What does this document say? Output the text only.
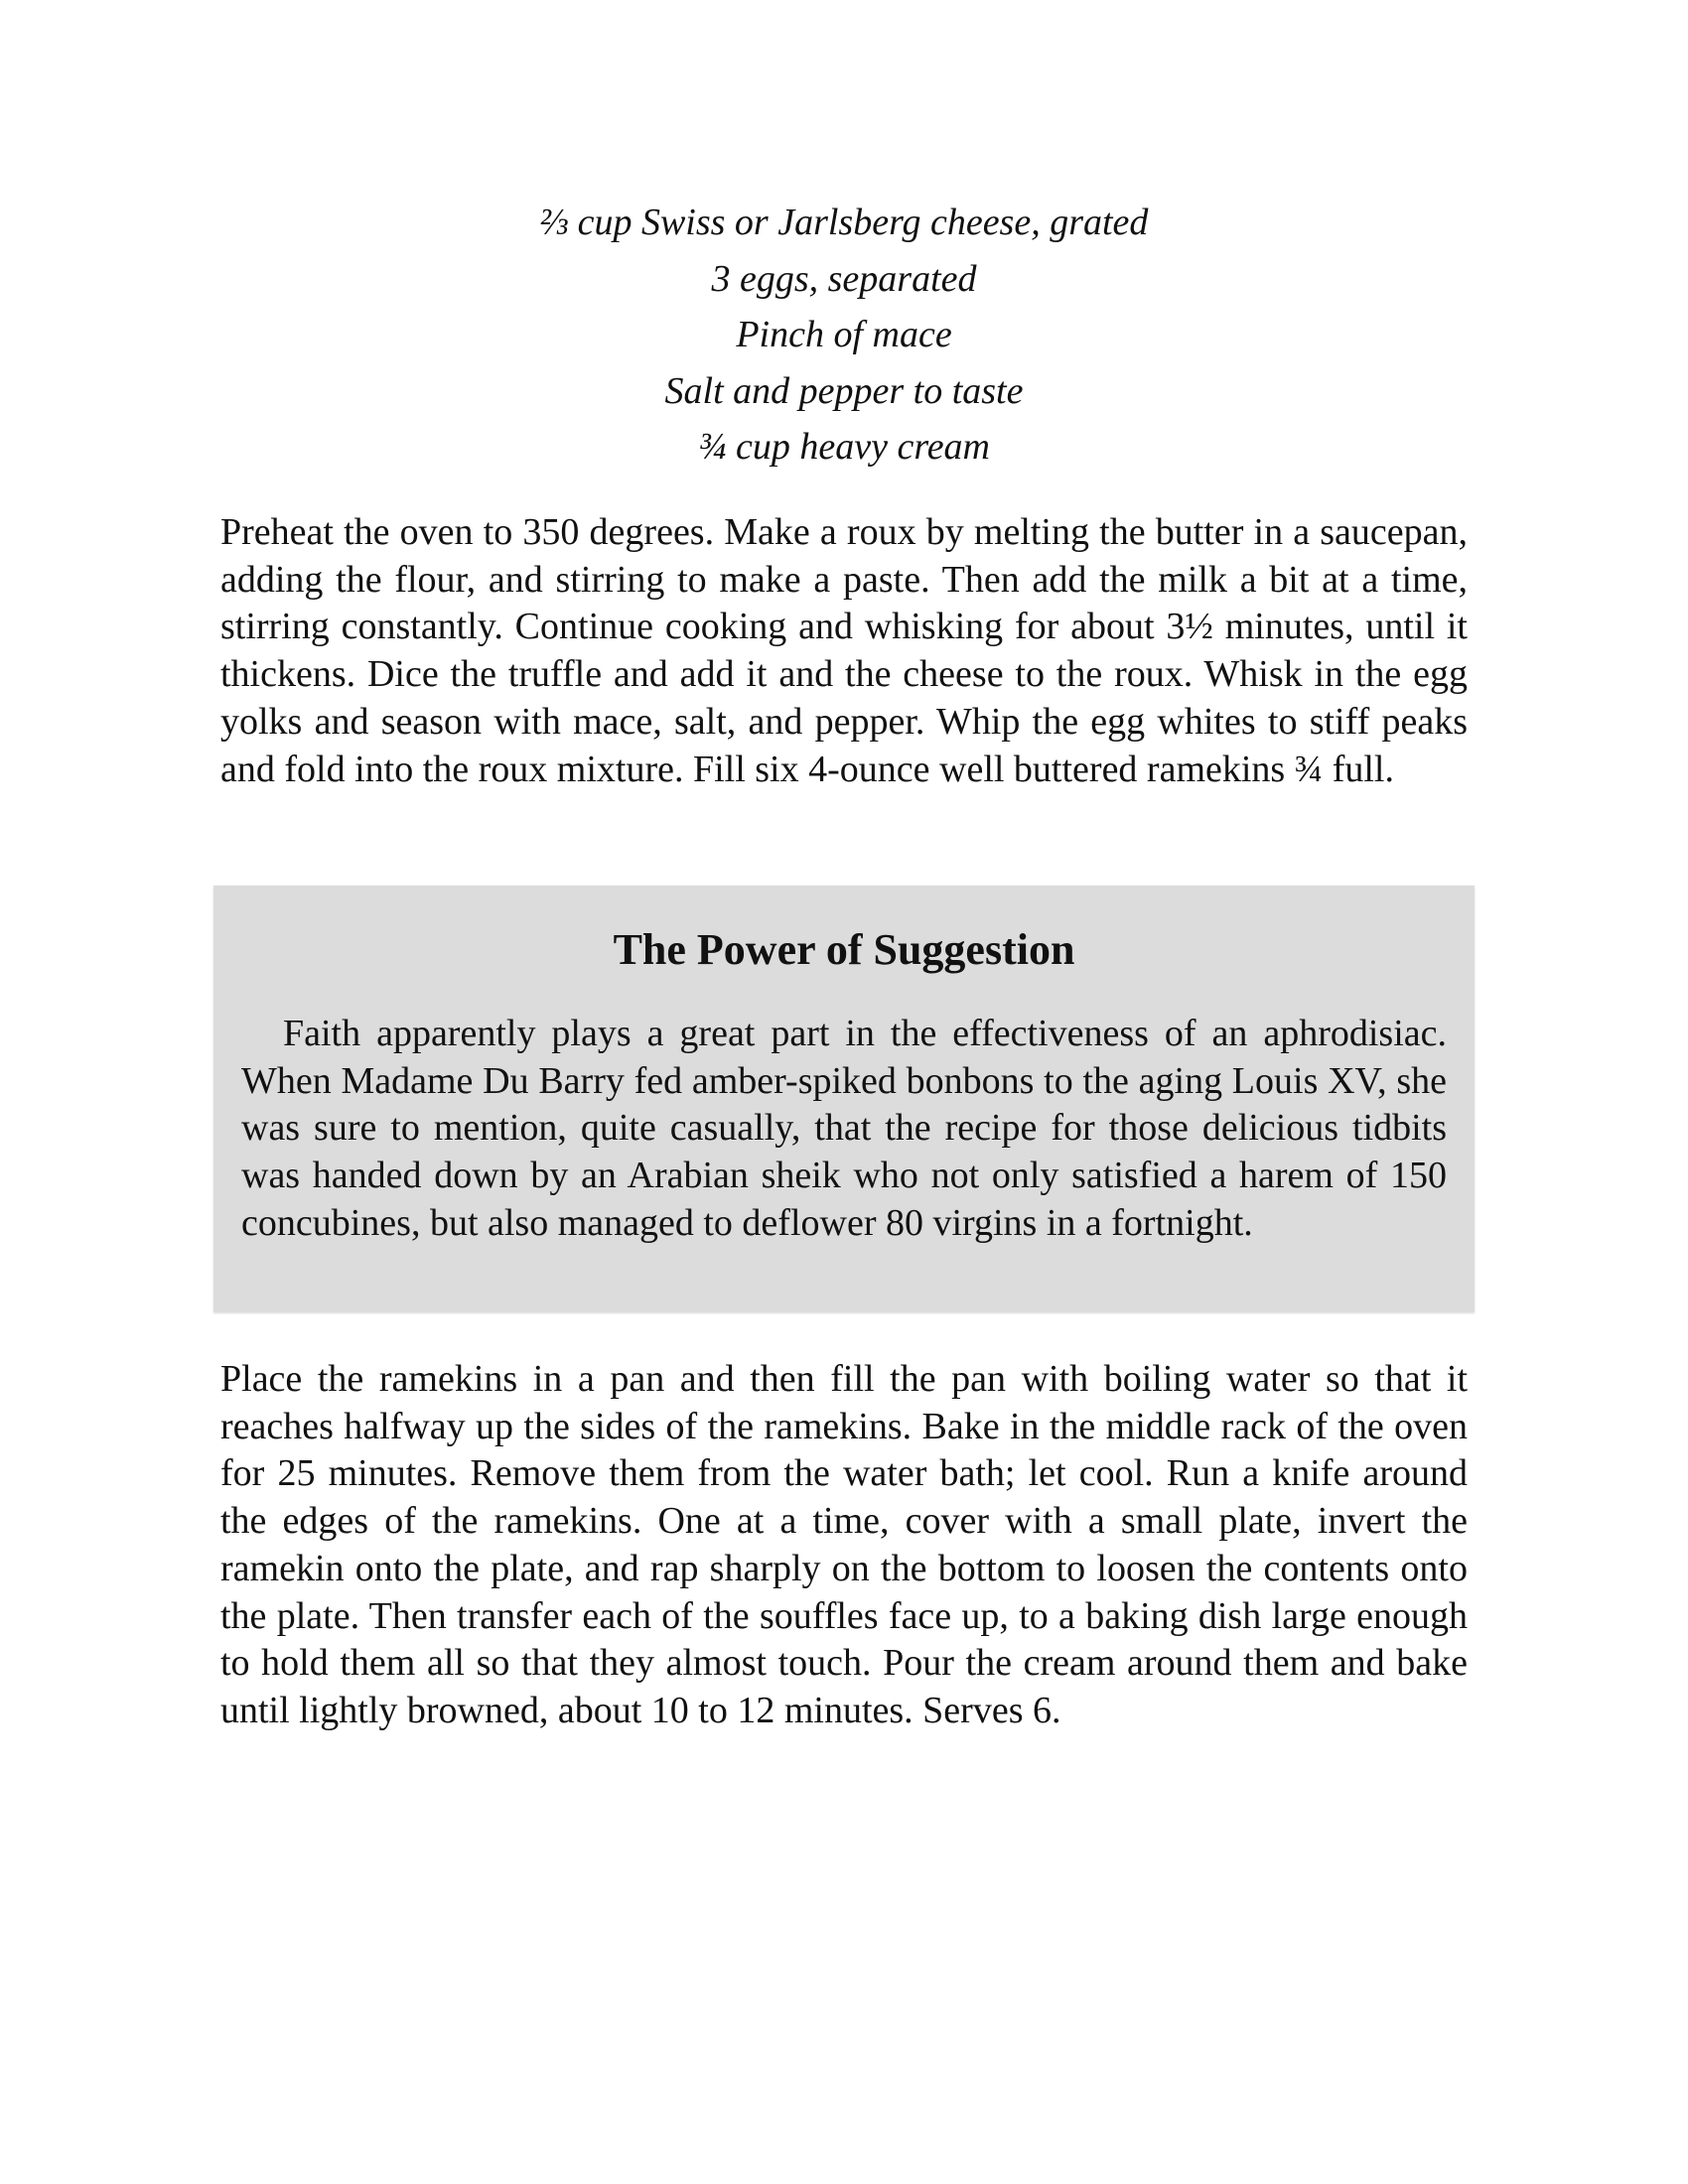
⅔ cup Swiss or Jarlsberg cheese, grated
3 eggs, separated
Pinch of mace
Salt and pepper to taste
¾ cup heavy cream

Preheat the oven to 350 degrees. Make a roux by melting the butter in a saucepan, adding the flour, and stirring to make a paste. Then add the milk a bit at a time, stirring constantly. Continue cooking and whisking for about 3½ minutes, until it thickens. Dice the truffle and add it and the cheese to the roux. Whisk in the egg yolks and season with mace, salt, and pepper. Whip the egg whites to stiff peaks and fold into the roux mixture. Fill six 4-ounce well buttered ramekins ¾ full.

The Power of Suggestion

Faith apparently plays a great part in the effectiveness of an aphrodisiac. When Madame Du Barry fed amber-spiked bonbons to the aging Louis XV, she was sure to mention, quite casually, that the recipe for those delicious tidbits was handed down by an Arabian sheik who not only satisfied a harem of 150 concubines, but also managed to deflower 80 virgins in a fortnight.

Place the ramekins in a pan and then fill the pan with boiling water so that it reaches halfway up the sides of the ramekins. Bake in the middle rack of the oven for 25 minutes. Remove them from the water bath; let cool. Run a knife around the edges of the ramekins. One at a time, cover with a small plate, invert the ramekin onto the plate, and rap sharply on the bottom to loosen the contents onto the plate. Then transfer each of the souffles face up, to a baking dish large enough to hold them all so that they almost touch. Pour the cream around them and bake until lightly browned, about 10 to 12 minutes. Serves 6.
